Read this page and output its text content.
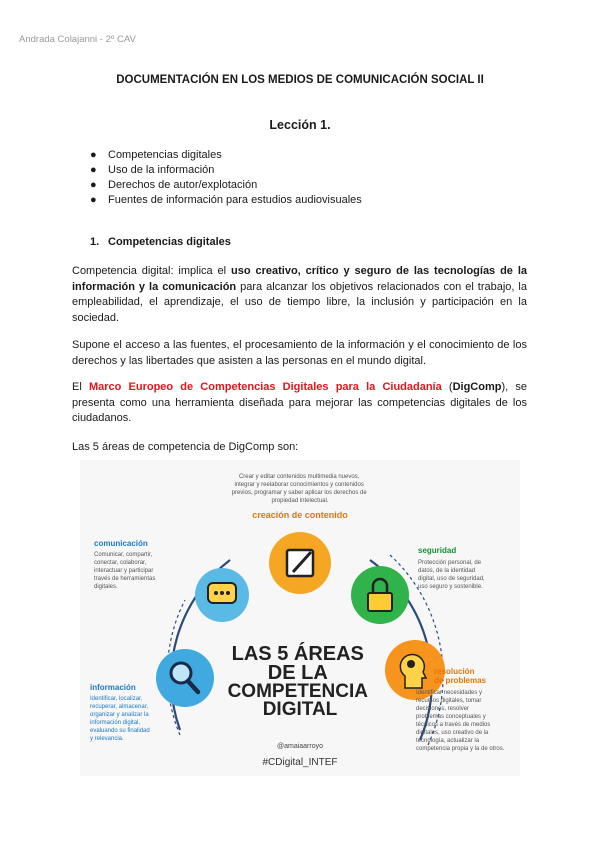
Andrada Colajanni - 2º CAV
DOCUMENTACIÓN EN LOS MEDIOS DE COMUNICACIÓN SOCIAL II
Lección 1.
● Competencias digitales
● Uso de la información
● Derechos de autor/explotación
● Fuentes de información para estudios audiovisuales
1. Competencias digitales

Competencia digital: implica el uso creativo, crítico y seguro de las tecnologías de la información y la comunicación para alcanzar los objetivos relacionados con el trabajo, la empleabilidad, el aprendizaje, el uso de tiempo libre, la inclusión y participación en la sociedad.

Supone el acceso a las fuentes, el procesamiento de la información y el conocimiento de los derechos y las libertades que asisten a las personas en el mundo digital.

El Marco Europeo de Competencias Digitales para la Ciudadanía (DigComp), se presenta como una herramienta diseñada para mejorar las competencias digitales de los ciudadanos.

Las 5 áreas de competencia de DigComp son:

Crear y editar contenidos multimedia nuevos, integrar y reelaborar conocimientos y contenidos previos, programar y saber aplicar los derechos de propiedad intelectual.
creación de contenido
comunicación
Comunicar, compartir, conectar, colaborar, interactuar y participar través de herramientas digitales.
seguridad
Protección personal, de datos, de la identidad digital, uso de seguridad, uso seguro y sostenible.
información
Identificar, localizar, recuperar, almacenar, organizar y analizar la información digital, evaluando su finalidad y relevancia.
resolución de problemas
Identificar necesidades y recursos digitales, tomar decisiones, resolver problemas conceptuales y técnicos a través de medios digitales, uso creativo de la tecnología, actualizar la competencia propia y la de otros.
LAS 5 ÁREAS DE LA COMPETENCIA DIGITAL
@amaiaarroyo
#CDigital_INTEF
